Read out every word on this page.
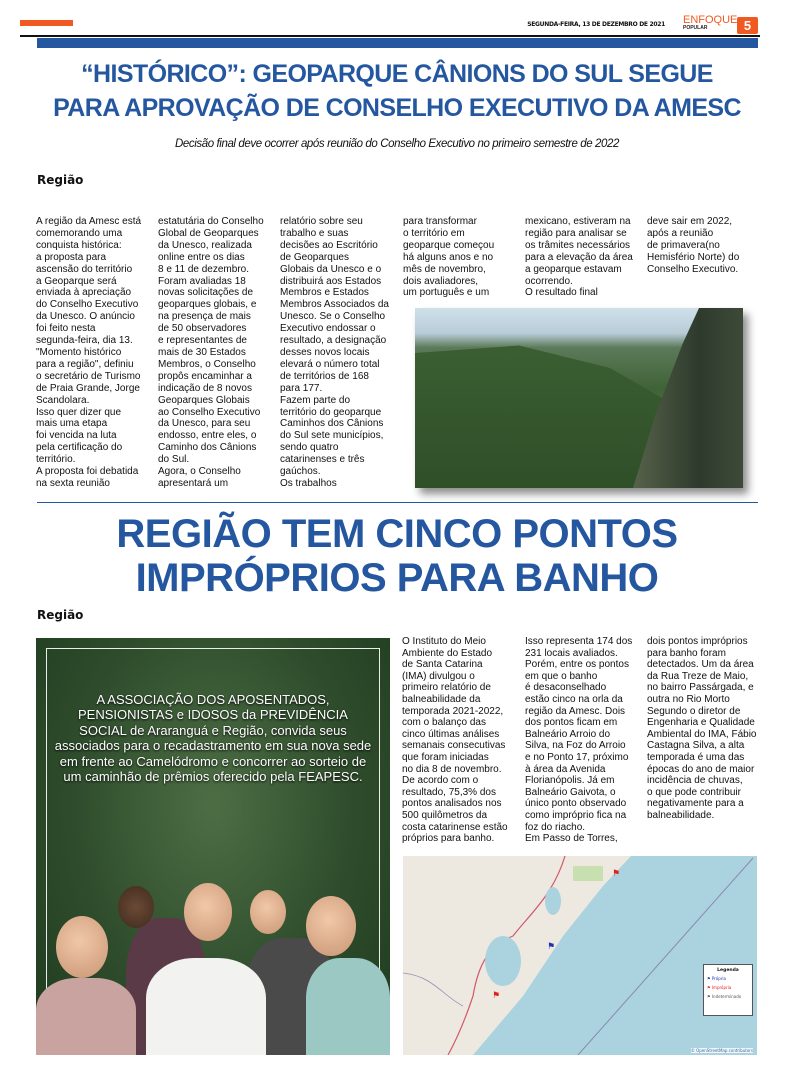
SEGUNDA-FEIRA, 13 DE DEZEMBRO DE 2021 ENFOQUE
POPULAR	5
“HISTÓRICO”: GEOPARQUE CÂNIONS DO SUL SEGUE
PARA APROVAÇÃO DE CONSELHO EXECUTIVO DA AMESC
Decisão final deve ocorrer após reunião do Conselho Executivo no primeiro semestre de 2022
Região
A região da Amesc está
comemorando uma
conquista histórica:
a proposta para
ascensão do território
a Geoparque será
enviada à apreciação
do Conselho Executivo
da Unesco. O anúncio
foi feito nesta
segunda-feira, dia 13.
"Momento histórico
para a região", definiu
o secretário de Turismo
de Praia Grande, Jorge
Scandolara.
Isso quer dizer que
mais uma etapa
foi vencida na luta
pela certificação do
território.
A proposta foi debatida
na sexta reunião
estatutária do Conselho
Global de Geoparques
da Unesco, realizada
online entre os dias
8 e 11 de dezembro.
Foram avaliadas 18
novas solicitações de
geoparques globais, e
na presença de mais
de 50 observadores
e representantes de
mais de 30 Estados
Membros, o Conselho
propôs encaminhar a
indicação de 8 novos
Geoparques Globais
ao Conselho Executivo
da Unesco, para seu
endosso, entre eles, o
Caminho dos Cânions
do Sul.
Agora, o Conselho
apresentará um
relatório sobre seu
trabalho e suas
decisões ao Escritório
de Geoparques
Globais da Unesco e o
distribuirá aos Estados
Membros e Estados
Membros Associados da
Unesco. Se o Conselho
Executivo endossar o
resultado, a designação
desses novos locais
elevará o número total
de territórios de 168
para 177.
Fazem parte do
território do geoparque
Caminhos dos Cânions
do Sul sete municípios,
sendo quatro
catarinenses e três
gaúchos.
Os trabalhos
para transformar
o território em
geoparque começou
há alguns anos e no
mês de novembro,
dois avaliadores,
um português e um
mexicano, estiveram na
região para analisar se
os trâmites necessários
para a elevação da área
a geoparque estavam
ocorrendo.
O resultado final
deve sair em 2022,
após a reunião
de primavera(no
Hemisfério Norte) do
Conselho Executivo.
REGIÃO TEM CINCO PONTOS
IMPRÓPRIOS PARA BANHO
Região
A ASSOCIAÇÃO DOS APOSENTADOS, PENSIONISTAS e IDOSOS da PREVIDÊNCIA SOCIAL de Araranguá e Região, convida seus associados para o recadastramento em sua nova sede em frente ao Camelódromo e concorrer ao sorteio de um caminhão de prêmios oferecido pela FEAPESC.
O Instituto do Meio
Ambiente do Estado
de Santa Catarina
(IMA) divulgou o
primeiro relatório de
balneabilidade da
temporada 2021-2022,
com o balanço das
cinco últimas análises
semanais consecutivas
que foram iniciadas
no dia 8 de novembro.
De acordo com o
resultado, 75,3% dos
pontos analisados nos
500 quilômetros da
costa catarinense estão
próprios para banho.
Isso representa 174 dos
231 locais avaliados.
Porém, entre os pontos
em que o banho
é desaconselhado
estão cinco na orla da
região da Amesc. Dois
dos pontos ficam em
Balneário Arroio do
Silva, na Foz do Arroio
e no Ponto 17, próximo
à área da Avenida
Florianópolis. Já em
Balneário Gaivota, o
único ponto observado
como impróprio fica na
foz do riacho.
Em Passo de Torres,
dois pontos impróprios
para banho foram
detectados. Um da área
da Rua Treze de Maio,
no bairro Passárgada, e
outra no Rio Morto
Segundo o diretor de
Engenharia e Qualidade
Ambiental do IMA, Fábio
Castagna Silva, a alta
temporada é uma das
épocas do ano de maior
incidência de chuvas,
o que pode contribuir
negativamente para a
balneabilidade.
⚑
⚑
⚑
Legenda
⚑ Própria
⚑ Imprópria
⚑ Indeterminado
© OpenStreetMap contributors
